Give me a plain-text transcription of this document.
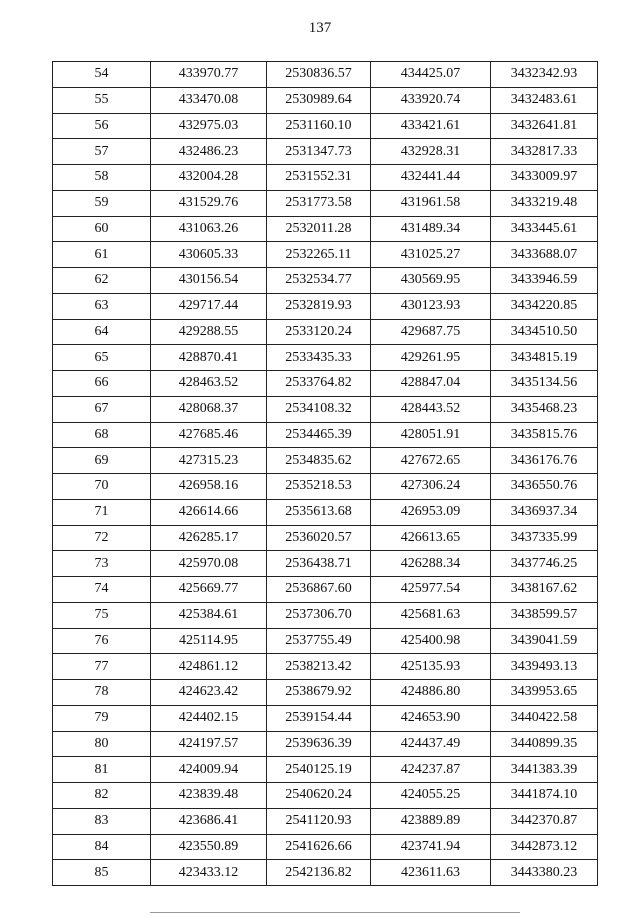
137
54	433970.77	2530836.57	434425.07	3432342.93
55	433470.08	2530989.64	433920.74	3432483.61
56	432975.03	2531160.10	433421.61	3432641.81
57	432486.23	2531347.73	432928.31	3432817.33
58	432004.28	2531552.31	432441.44	3433009.97
59	431529.76	2531773.58	431961.58	3433219.48
60	431063.26	2532011.28	431489.34	3433445.61
61	430605.33	2532265.11	431025.27	3433688.07
62	430156.54	2532534.77	430569.95	3433946.59
63	429717.44	2532819.93	430123.93	3434220.85
64	429288.55	2533120.24	429687.75	3434510.50
65	428870.41	2533435.33	429261.95	3434815.19
66	428463.52	2533764.82	428847.04	3435134.56
67	428068.37	2534108.32	428443.52	3435468.23
68	427685.46	2534465.39	428051.91	3435815.76
69	427315.23	2534835.62	427672.65	3436176.76
70	426958.16	2535218.53	427306.24	3436550.76
71	426614.66	2535613.68	426953.09	3436937.34
72	426285.17	2536020.57	426613.65	3437335.99
73	425970.08	2536438.71	426288.34	3437746.25
74	425669.77	2536867.60	425977.54	3438167.62
75	425384.61	2537306.70	425681.63	3438599.57
76	425114.95	2537755.49	425400.98	3439041.59
77	424861.12	2538213.42	425135.93	3439493.13
78	424623.42	2538679.92	424886.80	3439953.65
79	424402.15	2539154.44	424653.90	3440422.58
80	424197.57	2539636.39	424437.49	3440899.35
81	424009.94	2540125.19	424237.87	3441383.39
82	423839.48	2540620.24	424055.25	3441874.10
83	423686.41	2541120.93	423889.89	3442370.87
84	423550.89	2541626.66	423741.94	3442873.12
85	423433.12	2542136.82	423611.63	3443380.23
